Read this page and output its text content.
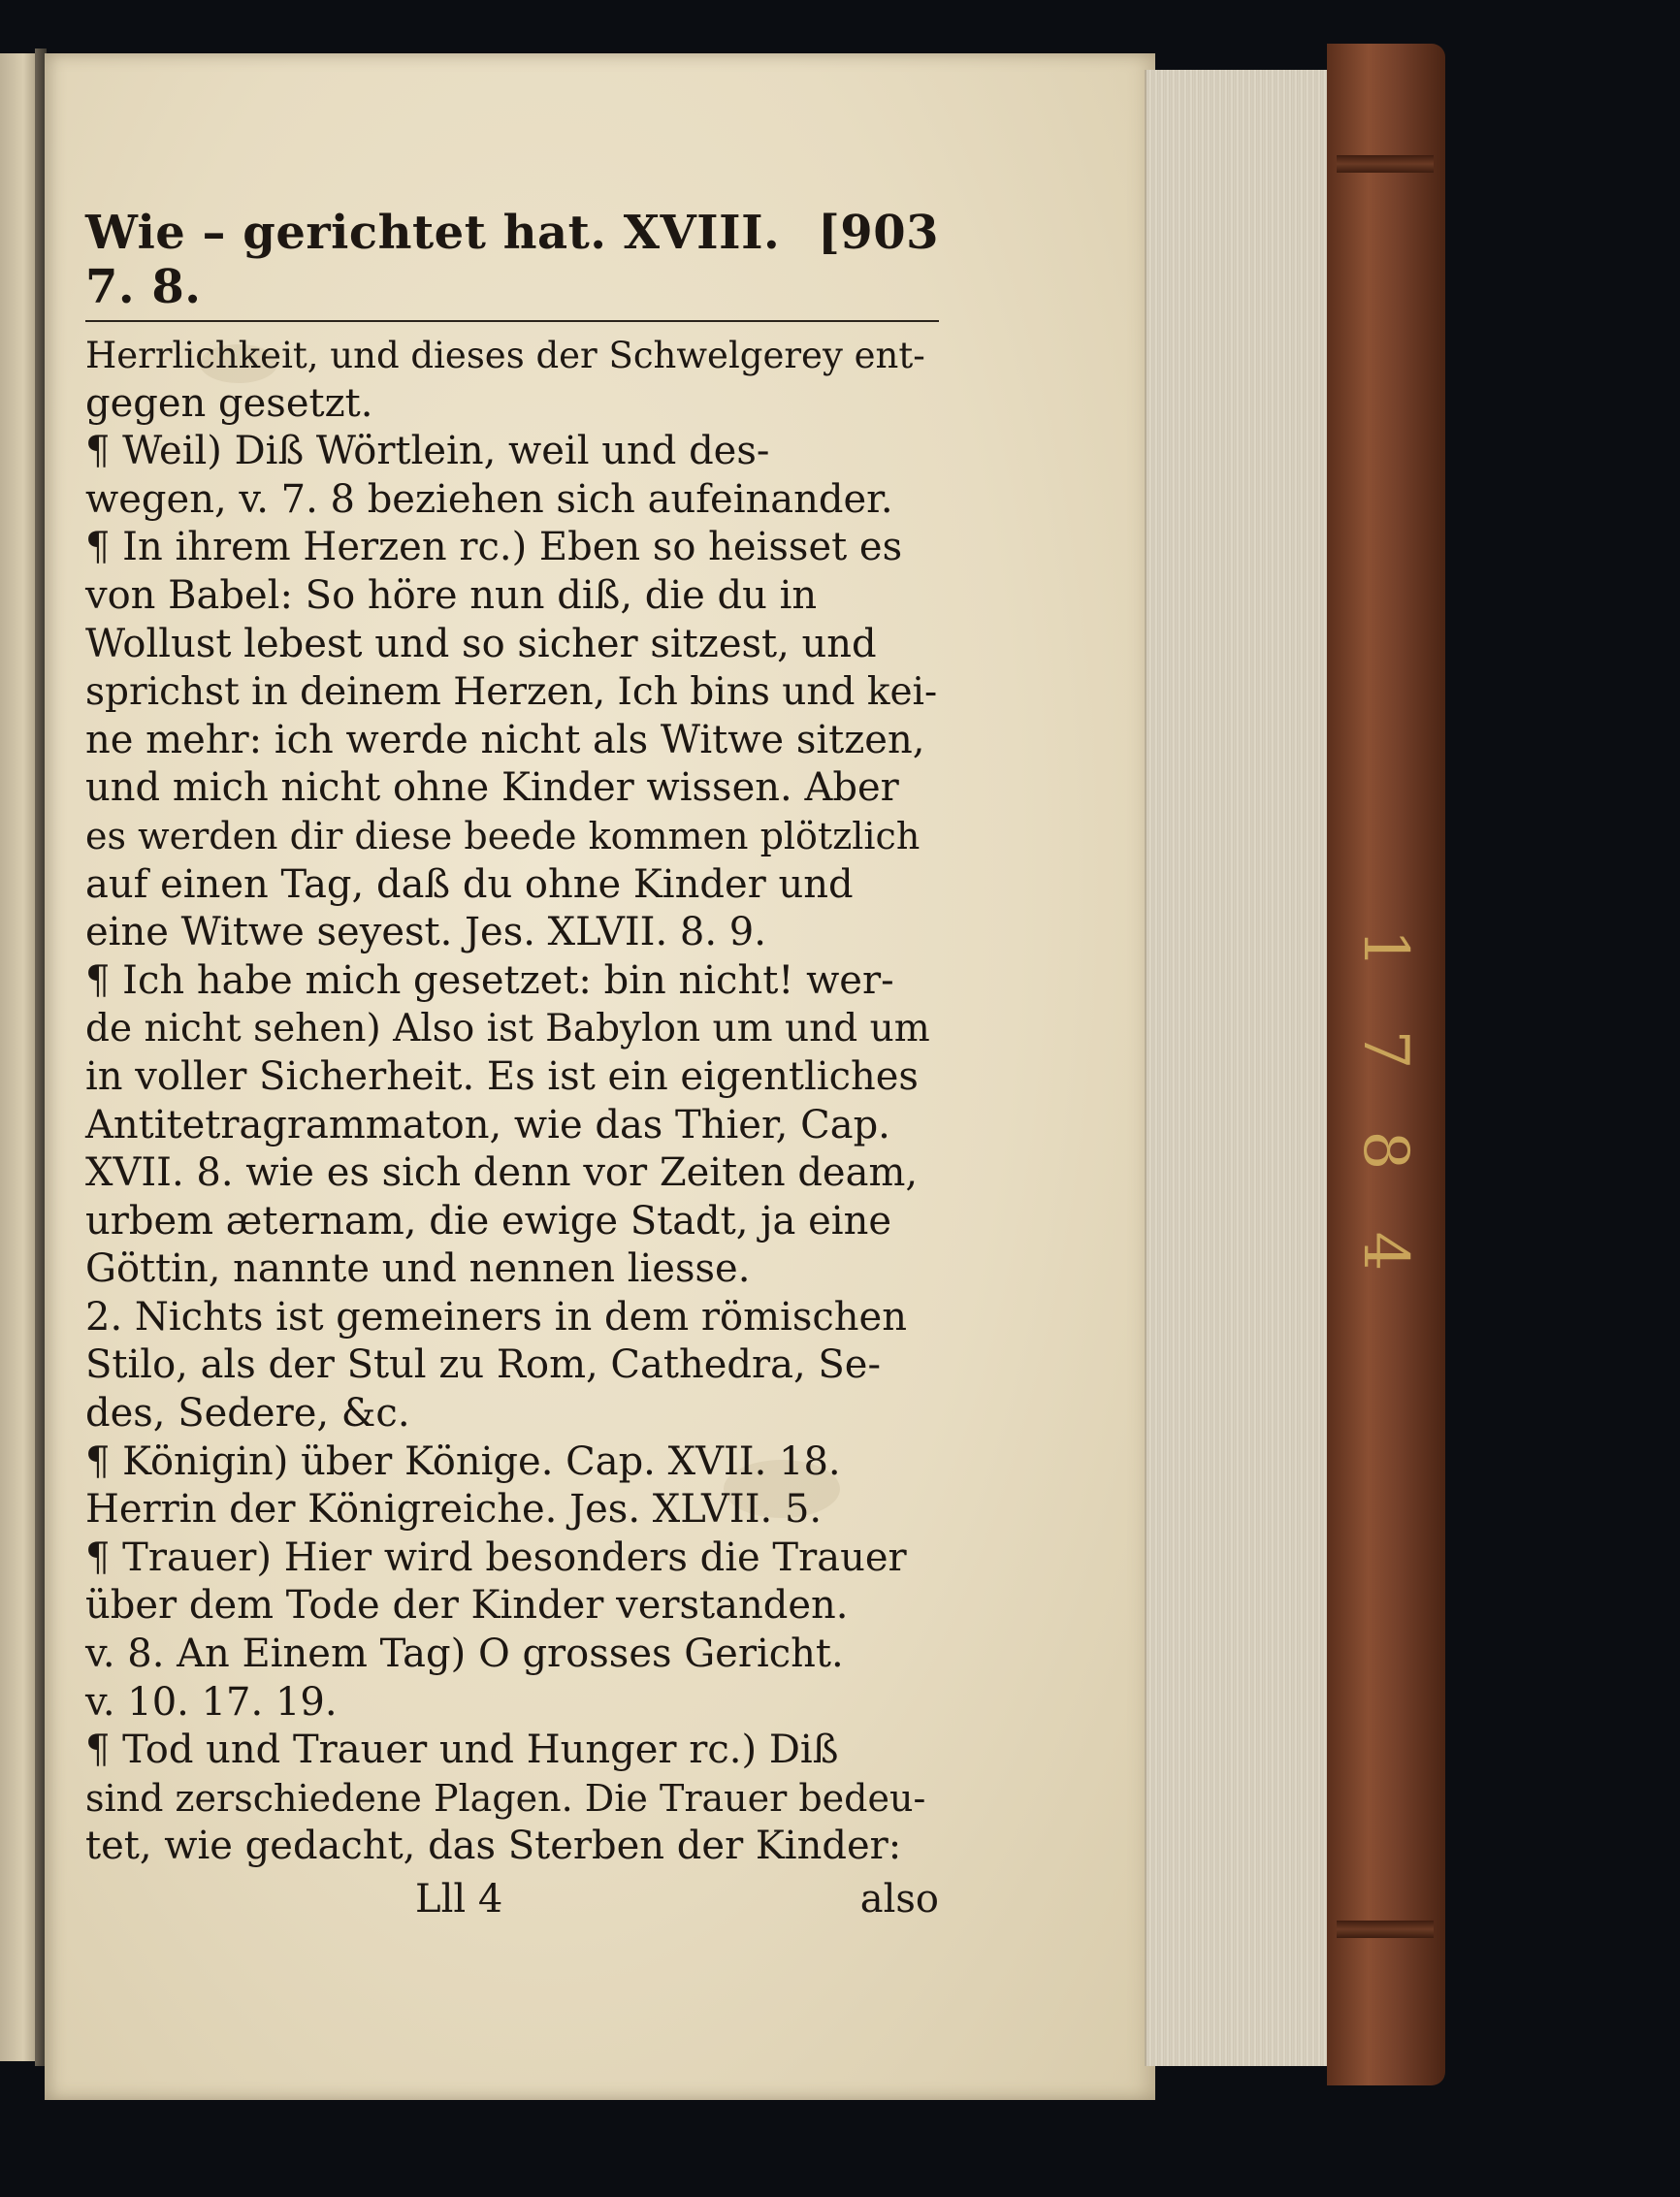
1
7
8
4
Wie – gerichtet hat. XVIII. 7. 8.
[903
Herrlichkeit, und dieses der Schwelgerey ent-
gegen gesetzt.
¶ Weil) Diß Wörtlein, weil und des-
wegen, v. 7. 8 beziehen sich aufeinander.
¶ In ihrem Herzen rc.) Eben so heisset es
von Babel: So höre nun diß, die du in
Wollust lebest und so sicher sitzest, und
sprichst in deinem Herzen, Ich bins und kei-
ne mehr: ich werde nicht als Witwe sitzen,
und mich nicht ohne Kinder wissen. Aber
es werden dir diese beede kommen plötzlich
auf einen Tag, daß du ohne Kinder und
eine Witwe seyest. Jes. XLVII. 8. 9.
¶ Ich habe mich gesetzet: bin nicht! wer-
de nicht sehen) Also ist Babylon um und um
in voller Sicherheit. Es ist ein eigentliches
Antitetragrammaton, wie das Thier, Cap.
XVII. 8. wie es sich denn vor Zeiten deam,
urbem æternam, die ewige Stadt, ja eine
Göttin, nannte und nennen liesse.
2. Nichts ist gemeiners in dem römischen
Stilo, als der Stul zu Rom, Cathedra, Se-
des, Sedere, &c.
¶ Königin) über Könige. Cap. XVII. 18.
Herrin der Königreiche. Jes. XLVII. 5.
¶ Trauer) Hier wird besonders die Trauer
über dem Tode der Kinder verstanden.
v. 8. An Einem Tag) O grosses Gericht.
v. 10. 17. 19.
¶ Tod und Trauer und Hunger rc.) Diß
sind zerschiedene Plagen. Die Trauer bedeu-
tet, wie gedacht, das Sterben der Kinder:
Lll 4	also
